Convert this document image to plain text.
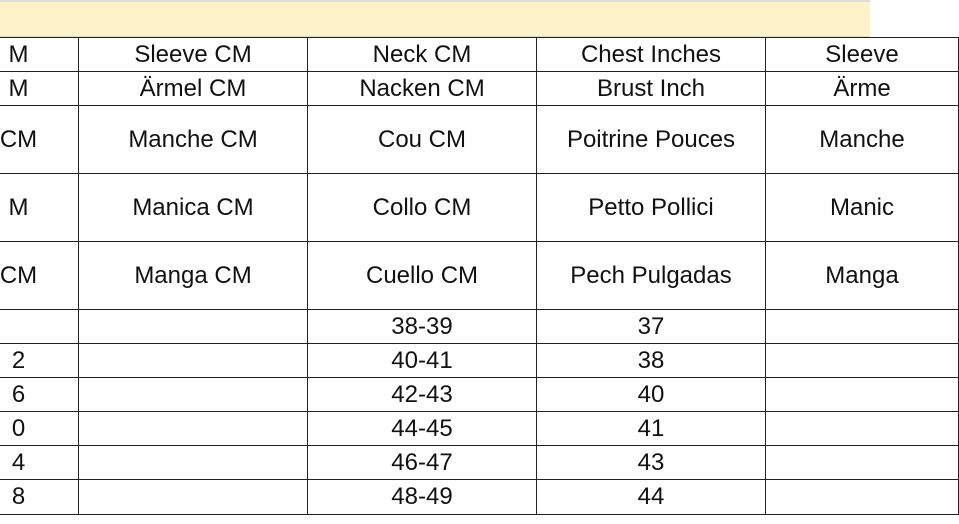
M	Sleeve CM	Neck CM	Chest Inches	Sleeve
M	Ärmel CM	Nacken CM	Brust Inch	Ärme
CM	Manche CM	Cou CM	Poitrine Pouces	Manche
M	Manica CM	Collo CM	Petto Pollici	Manic
CM	Manga CM	Cuello CM	Pech Pulgadas	Manga
		38-39	37	
2		40-41	38	
6		42-43	40	
0		44-45	41	
4		46-47	43	
8		48-49	44	
